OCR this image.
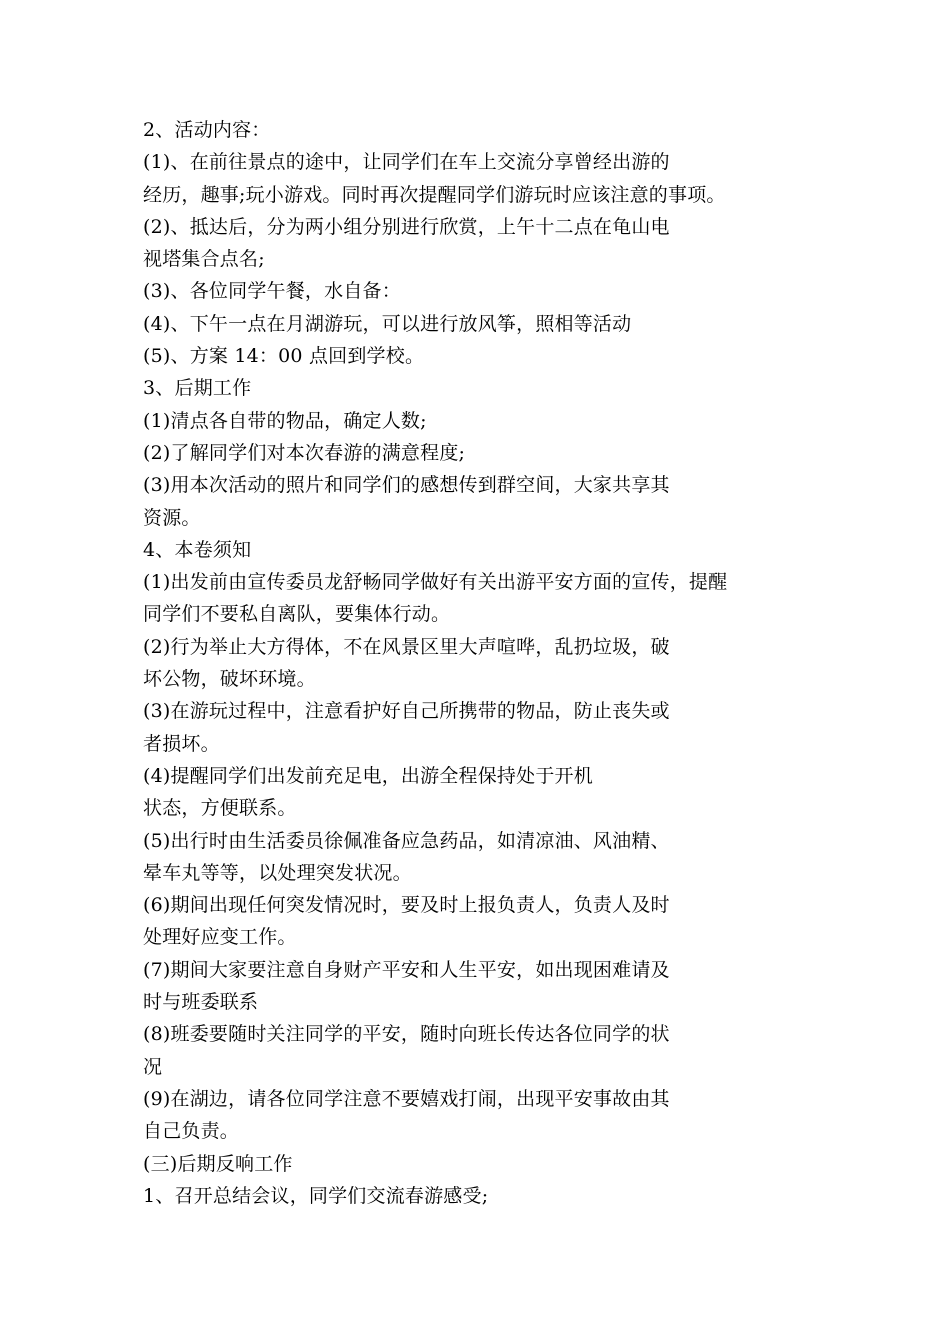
2、活动内容：
(1)、在前往景点的途中，让同学们在车上交流分享曾经出游的
经历，趣事;玩小游戏。同时再次提醒同学们游玩时应该注意的事项。
(2)、抵达后，分为两小组分别进行欣赏，上午十二点在龟山电
视塔集合点名;
(3)、各位同学午餐，水自备：
(4)、下午一点在月湖游玩，可以进行放风筝，照相等活动
(5)、方案 14：00 点回到学校。
3、后期工作
(1)清点各自带的物品，确定人数;
(2)了解同学们对本次春游的满意程度;
(3)用本次活动的照片和同学们的感想传到群空间，大家共享其
资源。
4、本卷须知
(1)出发前由宣传委员龙舒畅同学做好有关出游平安方面的宣传，提醒
同学们不要私自离队，要集体行动。
(2)行为举止大方得体，不在风景区里大声喧哗，乱扔垃圾，破
坏公物，破坏环境。
(3)在游玩过程中，注意看护好自己所携带的物品，防止丧失或
者损坏。
(4)提醒同学们出发前充足电，出游全程保持处于开机
状态，方便联系。
(5)出行时由生活委员徐佩准备应急药品，如清凉油、风油精、
晕车丸等等，以处理突发状况。
(6)期间出现任何突发情况时，要及时上报负责人，负责人及时
处理好应变工作。
(7)期间大家要注意自身财产平安和人生平安，如出现困难请及
时与班委联系
(8)班委要随时关注同学的平安，随时向班长传达各位同学的状
况
(9)在湖边，请各位同学注意不要嬉戏打闹，出现平安事故由其
自己负责。
(三)后期反响工作
1、召开总结会议，同学们交流春游感受;
